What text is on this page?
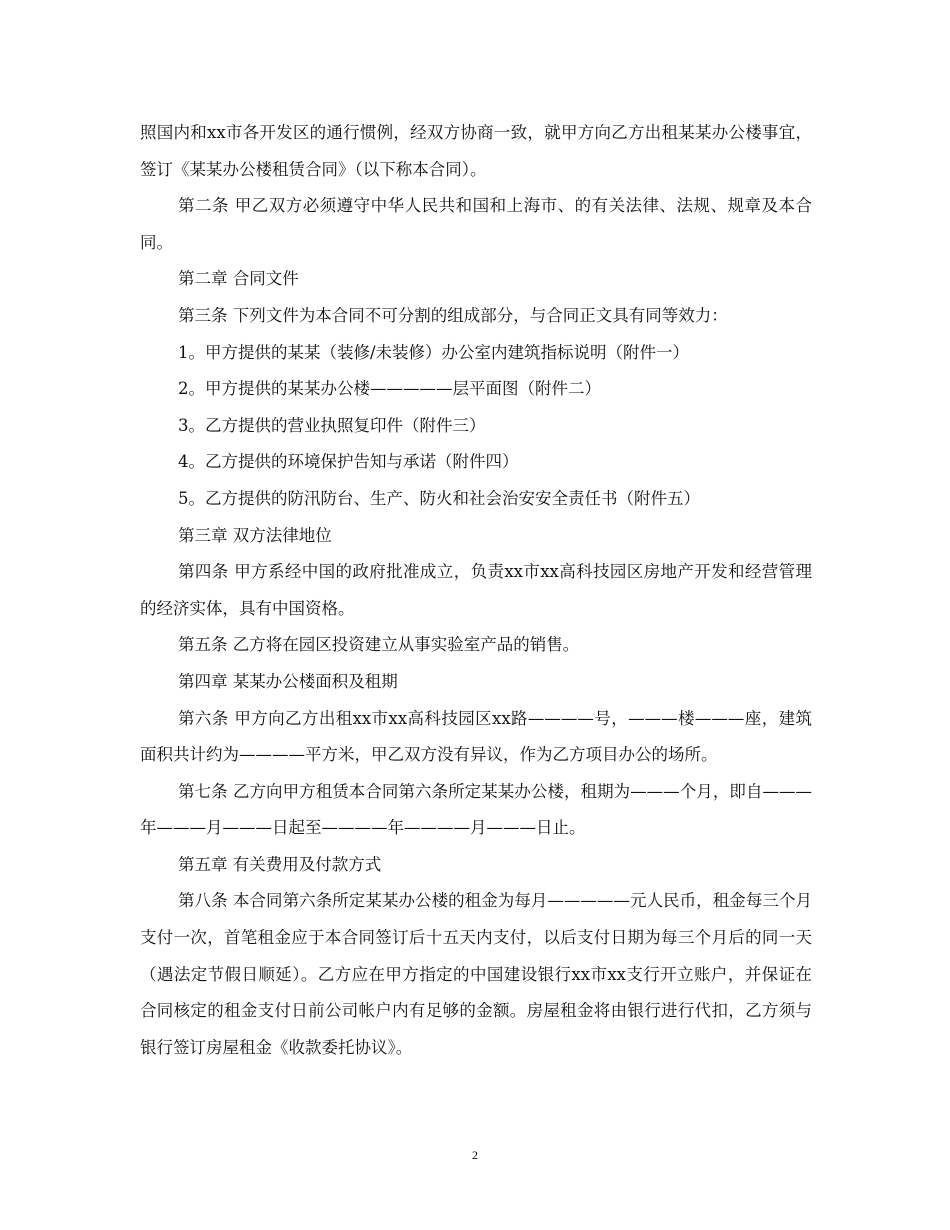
照国内和xx市各开发区的通行惯例，经双方协商一致，就甲方向乙方出租某某办公楼事宜，签订《某某办公楼租赁合同》（以下称本合同）。

第二条 甲乙双方必须遵守中华人民共和国和上海市、的有关法律、法规、规章及本合同。

第二章 合同文件

第三条 下列文件为本合同不可分割的组成部分，与合同正文具有同等效力：

1。甲方提供的某某（装修/未装修）办公室内建筑指标说明（附件一）

2。甲方提供的某某办公楼—————层平面图（附件二）

3。乙方提供的营业执照复印件（附件三）

4。乙方提供的环境保护告知与承诺（附件四）

5。乙方提供的防汛防台、生产、防火和社会治安安全责任书（附件五）

第三章 双方法律地位

第四条 甲方系经中国的政府批准成立，负责xx市xx高科技园区房地产开发和经营管理的经济实体，具有中国资格。

第五条 乙方将在园区投资建立从事实验室产品的销售。

第四章 某某办公楼面积及租期

第六条 甲方向乙方出租xx市xx高科技园区xx路————号，———楼———座，建筑面积共计约为————平方米，甲乙双方没有异议，作为乙方项目办公的场所。

第七条 乙方向甲方租赁本合同第六条所定某某办公楼，租期为———个月，即自———年———月———日起至————年————月———日止。

第五章 有关费用及付款方式

第八条 本合同第六条所定某某办公楼的租金为每月—————元人民币，租金每三个月支付一次，首笔租金应于本合同签订后十五天内支付，以后支付日期为每三个月后的同一天（遇法定节假日顺延）。乙方应在甲方指定的中国建设银行xx市xx支行开立账户，并保证在合同核定的租金支付日前公司帐户内有足够的金额。房屋租金将由银行进行代扣，乙方须与银行签订房屋租金《收款委托协议》。

2
